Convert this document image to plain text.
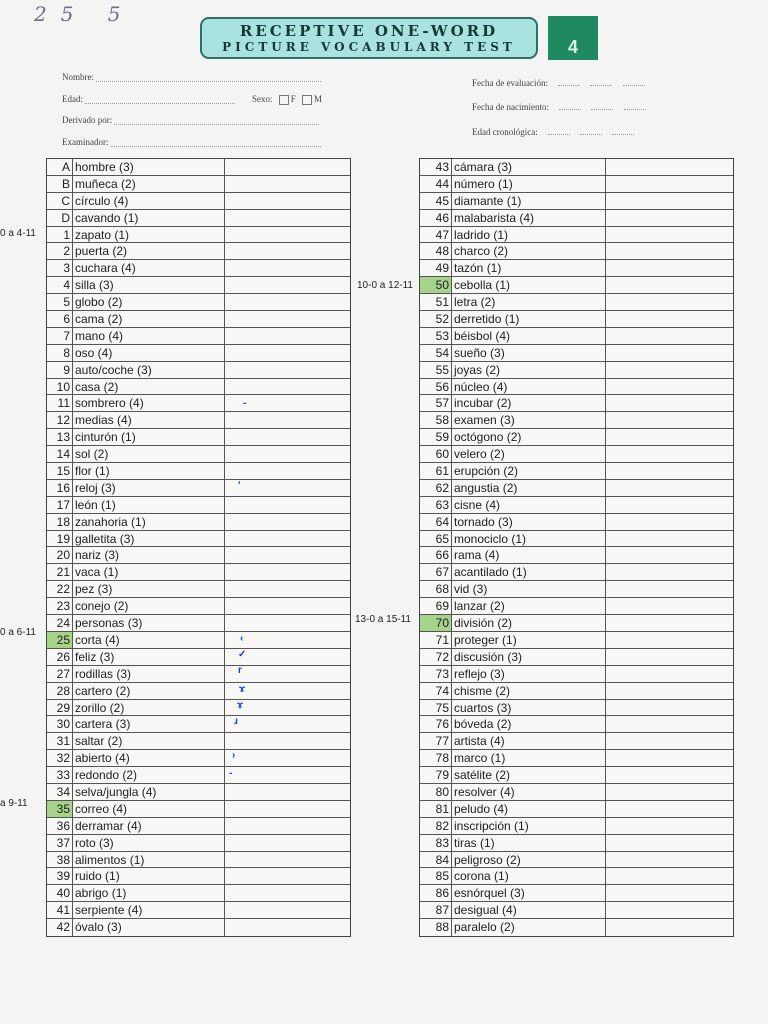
25 5
RECEPTIVE ONE-WORD
PICTURE VOCABULARY TEST	4
Nombre:
Edad:	Sexo: F M
Derivado por:
Examinador:
Fecha de evaluación:
Fecha de nacimiento:
Edad cronológica:
0 a 4-11
0 a 6-11
a 9-11
10-0 a 12-11
13-0 a 15-11
A hombre (3)
B muñeca (2)
C círculo (4)
D cavando (1)
1 zapato (1)
2 puerta (2)
3 cuchara (4)
4 silla (3)
5 globo (2)
6 cama (2)
7 mano (4)
8 oso (4)
9 auto/coche (3)
10 casa (2)
11 sombrero (4)
12 medias (4)
13 cinturón (1)
14 sol (2)
15 flor (1)
16 reloj (3)
17 león (1)
18 zanahoria (1)
19 galletita (3)
20 nariz (3)
21 vaca (1)
22 pez (3)
23 conejo (2)
24 personas (3)
25 corta (4)
26 feliz (3)
27 rodillas (3)
28 cartero (2)
29 zorillo (2)
30 cartera (3)
31 saltar (2)
32 abierto (4)
33 redondo (2)
34 selva/jungla (4)
35 correo (4)
36 derramar (4)
37 roto (3)
38 alimentos (1)
39 ruido (1)
40 abrigo (1)
41 serpiente (4)
42 óvalo (3)
43 cámara (3)
44 número (1)
45 diamante (1)
46 malabarista (4)
47 ladrido (1)
48 charco (2)
49 tazón (1)
50 cebolla (1)
51 letra (2)
52 derretido (1)
53 béisbol (4)
54 sueño (3)
55 joyas (2)
56 núcleo (4)
57 incubar (2)
58 examen (3)
59 octógono (2)
60 velero (2)
61 erupción (2)
62 angustia (2)
63 cisne (4)
64 tornado (3)
65 monociclo (1)
66 rama (4)
67 acantilado (1)
68 vid (3)
69 lanzar (2)
70 división (2)
71 proteger (1)
72 discusión (3)
73 reflejo (3)
74 chisme (2)
75 cuartos (3)
76 bóveda (2)
77 artista (4)
78 marco (1)
79 satélite (2)
80 resolver (4)
81 peludo (4)
82 inscripción (1)
83 tiras (1)
84 peligroso (2)
85 corona (1)
86 esnórquel (3)
87 desigual (4)
88 paralelo (2)
-
‘
‹
✓
r
ɤ
ɤ
ɹ
›
-
